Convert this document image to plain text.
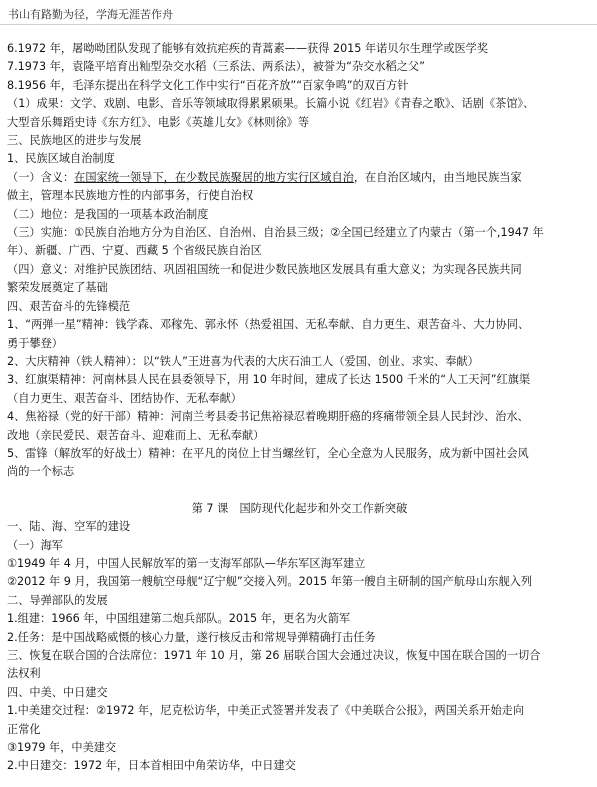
书山有路勤为径，学海无涯苦作舟
6.1972 年，屠呦呦团队发现了能够有效抗疟疾的青蒿素——获得 2015 年诺贝尔生理学或医学奖
7.1973 年，袁隆平培育出籼型杂交水稻（三系法、两系法），被誉为“杂交水稻之父”
8.1956 年，毛泽东提出在科学文化工作中实行“百花齐放”“百家争鸣”的双百方针
（1）成果：文学、戏剧、电影、音乐等领域取得累累硕果。长篇小说《红岩》《青春之歌》、话剧《茶馆》、
大型音乐舞蹈史诗《东方红》、电影《英雄儿女》《林则徐》等
三、民族地区的进步与发展
1、民族区域自治制度
（一）含义：在国家统一领导下，在少数民族聚居的地方实行区域自治，在自治区域内，由当地民族当家
做主，管理本民族地方性的内部事务，行使自治权
（二）地位：是我国的一项基本政治制度
（三）实施：①民族自治地方分为自治区、自治州、自治县三级；②全国已经建立了内蒙古（第一个,1947 年
年）、新疆、广西、宁夏、西藏 5 个省级民族自治区
（四）意义：对维护民族团结、巩固祖国统一和促进少数民族地区发展具有重大意义；为实现各民族共同
繁荣发展奠定了基础
四、艰苦奋斗的先锋模范
1、“两弹一星”精神：钱学森、邓稼先、郭永怀（热爱祖国、无私奉献、自力更生、艰苦奋斗、大力协同、
勇于攀登）
2、大庆精神（铁人精神）：以“铁人”王进喜为代表的大庆石油工人（爱国、创业、求实、奉献）
3、红旗渠精神：河南林县人民在县委领导下，用 10 年时间，建成了长达 1500 千米的“人工天河”红旗渠
（自力更生、艰苦奋斗、团结协作、无私奉献）
4、焦裕禄（党的好干部）精神：河南兰考县委书记焦裕禄忍着晚期肝癌的疼痛带领全县人民封沙、治水、
改地（亲民爱民、艰苦奋斗、迎难而上、无私奉献）
5、雷锋（解放军的好战士）精神：在平凡的岗位上甘当螺丝钉，全心全意为人民服务，成为新中国社会风
尚的一个标志
第 7 课　国防现代化起步和外交工作新突破
一、陆、海、空军的建设
（一）海军
①1949 年 4 月，中国人民解放军的第一支海军部队—华东军区海军建立
②2012 年 9 月，我国第一艘航空母舰“辽宁舰”交接入列。2015 年第一艘自主研制的国产航母山东舰入列
二、导弹部队的发展
1.组建：1966 年，中国组建第二炮兵部队。2015 年，更名为火箭军
2.任务：是中国战略威慑的核心力量，遂行核反击和常规导弹精确打击任务
三、恢复在联合国的合法席位：1971 年 10 月，第 26 届联合国大会通过决议，恢复中国在联合国的一切合
法权利
四、中美、中日建交
1.中美建交过程：②1972 年，尼克松访华，中美正式签署并发表了《中美联合公报》，两国关系开始走向
正常化
③1979 年，中美建交
2.中日建交：1972 年，日本首相田中角荣访华，中日建交
